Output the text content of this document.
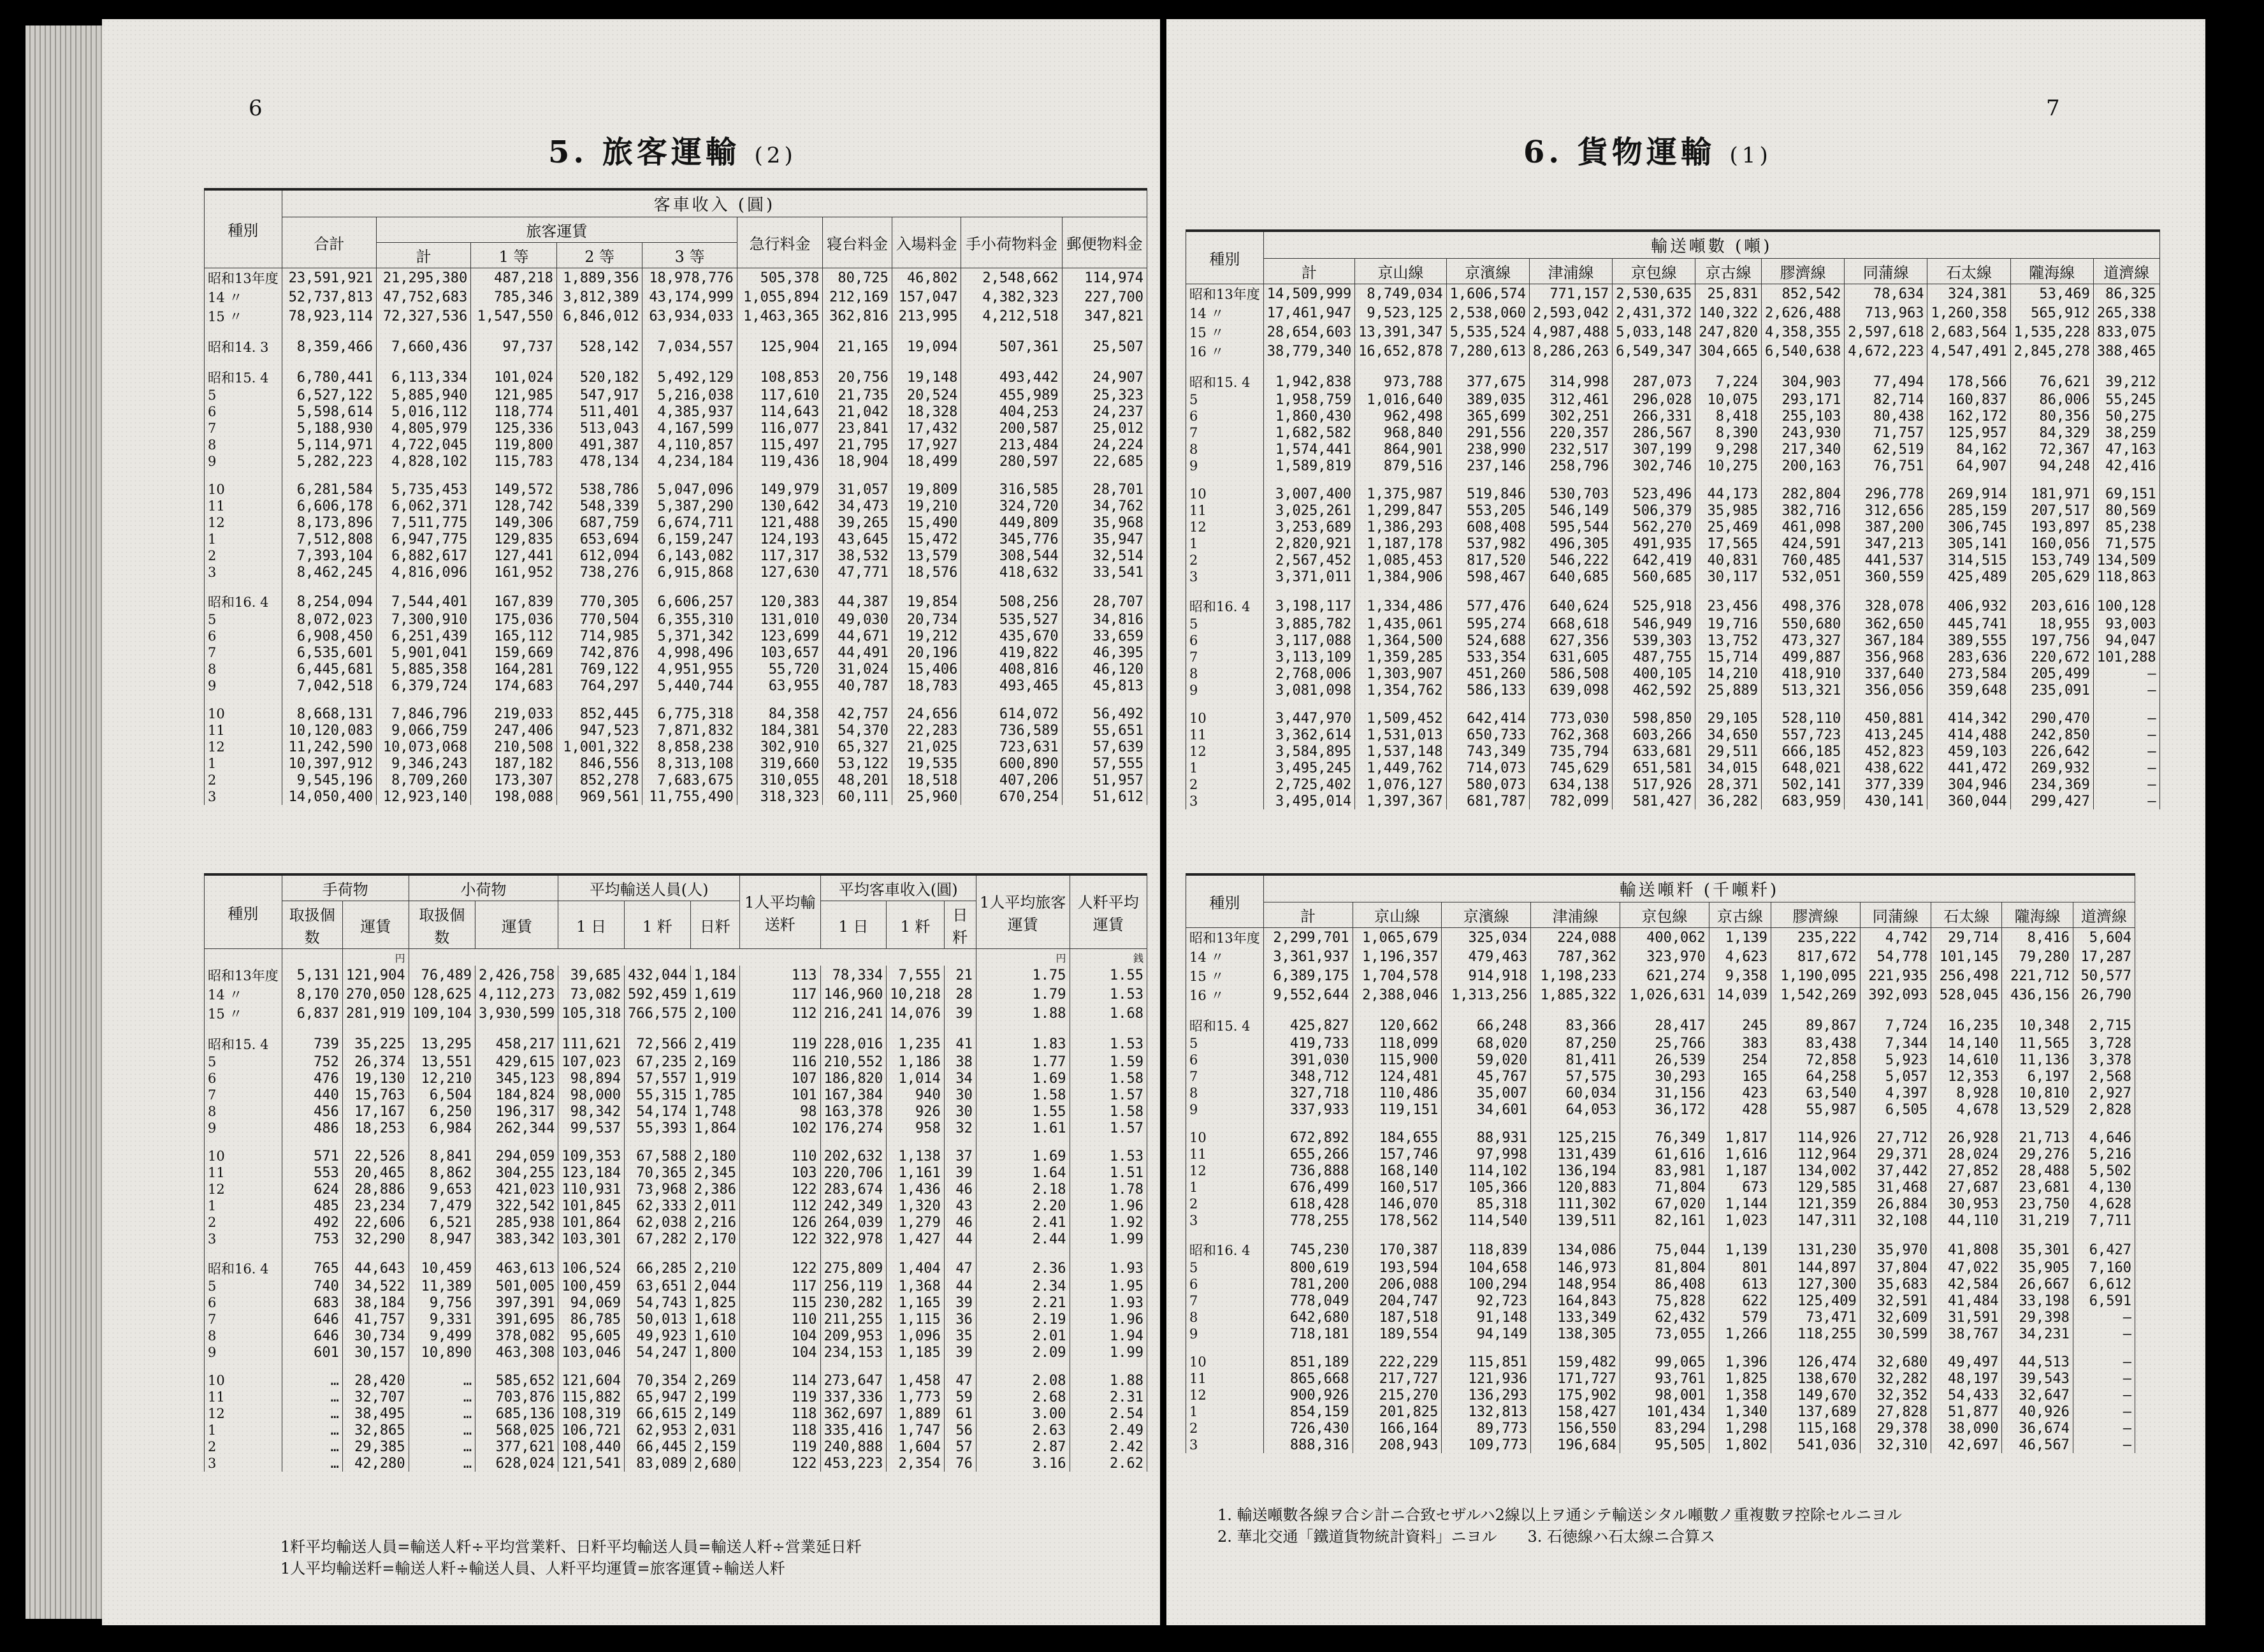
6
5. 旅客運輸 (2)
種別	客車收入 (圓)									
	合計	旅客運賃				急行料金	寝台料金	入場料金	手小荷物料金	郵便物料金
		計	1 等	2 等	3 等					
昭和13年度	23,591,921	21,295,380	487,218	1,889,356	18,978,776	505,378	80,725	46,802	2,548,662	114,974
14 〃	52,737,813	47,752,683	785,346	3,812,389	43,174,999	1,055,894	212,169	157,047	4,382,323	227,700
15 〃	78,923,114	72,327,536	1,547,550	6,846,012	63,934,033	1,463,365	362,816	213,995	4,212,518	347,821

昭和14. 3	8,359,466	7,660,436	97,737	528,142	7,034,557	125,904	21,165	19,094	507,361	25,507

昭和15. 4	6,780,441	6,113,334	101,024	520,182	5,492,129	108,853	20,756	19,148	493,442	24,907
5	6,527,122	5,885,940	121,985	547,917	5,216,038	117,610	21,735	20,524	455,989	25,323
6	5,598,614	5,016,112	118,774	511,401	4,385,937	114,643	21,042	18,328	404,253	24,237
7	5,188,930	4,805,979	125,336	513,043	4,167,599	116,077	23,841	17,432	200,587	25,012
8	5,114,971	4,722,045	119,800	491,387	4,110,857	115,497	21,795	17,927	213,484	24,224
9	5,282,223	4,828,102	115,783	478,134	4,234,184	119,436	18,904	18,499	280,597	22,685

10	6,281,584	5,735,453	149,572	538,786	5,047,096	149,979	31,057	19,809	316,585	28,701
11	6,606,178	6,062,371	128,742	548,339	5,387,290	130,642	34,473	19,210	324,720	34,762
12	8,173,896	7,511,775	149,306	687,759	6,674,711	121,488	39,265	15,490	449,809	35,968
1	7,512,808	6,947,775	129,835	653,694	6,159,247	124,193	43,645	15,472	345,776	35,947
2	7,393,104	6,882,617	127,441	612,094	6,143,082	117,317	38,532	13,579	308,544	32,514
3	8,462,245	4,816,096	161,952	738,276	6,915,868	127,630	47,771	18,576	418,632	33,541

昭和16. 4	8,254,094	7,544,401	167,839	770,305	6,606,257	120,383	44,387	19,854	508,256	28,707
5	8,072,023	7,300,910	175,036	770,504	6,355,310	131,010	49,030	20,734	535,527	34,816
6	6,908,450	6,251,439	165,112	714,985	5,371,342	123,699	44,671	19,212	435,670	33,659
7	6,535,601	5,901,041	159,669	742,876	4,998,496	103,657	44,491	20,196	419,822	46,395
8	6,445,681	5,885,358	164,281	769,122	4,951,955	55,720	31,024	15,406	408,816	46,120
9	7,042,518	6,379,724	174,683	764,297	5,440,744	63,955	40,787	18,783	493,465	45,813

10	8,668,131	7,846,796	219,033	852,445	6,775,318	84,358	42,757	24,656	614,072	56,492
11	10,120,083	9,066,759	247,406	947,523	7,871,832	184,381	54,370	22,283	736,589	55,651
12	11,242,590	10,073,068	210,508	1,001,322	8,858,238	302,910	65,327	21,025	723,631	57,639
1	10,397,912	9,346,243	187,182	846,556	8,313,108	319,660	53,122	19,535	600,890	57,555
2	9,545,196	8,709,260	173,307	852,278	7,683,675	310,055	48,201	18,518	407,206	51,957
3	14,050,400	12,923,140	198,088	969,561	11,755,490	318,323	60,111	25,960	670,254	51,612
種別	手荷物		小荷物		平均輸送人員(人)			1人平均輸送粁	平均客車收入(圓)			1人平均旅客運賃	人粁平均運賃
	取扱個数	運賃	取扱個数	運賃	1 日	1 粁	日粁		1 日	1 粁	日粁		
		円										円	銭
昭和13年度	5,131	121,904	76,489	2,426,758	39,685	432,044	1,184	113	78,334	7,555	21	1.75	1.55
14 〃	8,170	270,050	128,625	4,112,273	73,082	592,459	1,619	117	146,960	10,218	28	1.79	1.53
15 〃	6,837	281,919	109,104	3,930,599	105,318	766,575	2,100	112	216,241	14,076	39	1.88	1.68

昭和15. 4	739	35,225	13,295	458,217	111,621	72,566	2,419	119	228,016	1,235	41	1.83	1.53
5	752	26,374	13,551	429,615	107,023	67,235	2,169	116	210,552	1,186	38	1.77	1.59
6	476	19,130	12,210	345,123	98,894	57,557	1,919	107	186,820	1,014	34	1.69	1.58
7	440	15,763	6,504	184,824	98,000	55,315	1,785	101	167,384	940	30	1.58	1.57
8	456	17,167	6,250	196,317	98,342	54,174	1,748	98	163,378	926	30	1.55	1.58
9	486	18,253	6,984	262,344	99,537	55,393	1,864	102	176,274	958	32	1.61	1.57

10	571	22,526	8,841	294,059	109,353	67,588	2,180	110	202,632	1,138	37	1.69	1.53
11	553	20,465	8,862	304,255	123,184	70,365	2,345	103	220,706	1,161	39	1.64	1.51
12	624	28,886	9,653	421,023	110,931	73,968	2,386	122	283,674	1,436	46	2.18	1.78
1	485	23,234	7,479	322,542	101,845	62,333	2,011	112	242,349	1,320	43	2.20	1.96
2	492	22,606	6,521	285,938	101,864	62,038	2,216	126	264,039	1,279	46	2.41	1.92
3	753	32,290	8,947	383,342	103,301	67,282	2,170	122	322,978	1,427	44	2.44	1.99

昭和16. 4	765	44,643	10,459	463,613	106,524	66,285	2,210	122	275,809	1,404	47	2.36	1.93
5	740	34,522	11,389	501,005	100,459	63,651	2,044	117	256,119	1,368	44	2.34	1.95
6	683	38,184	9,756	397,391	94,069	54,743	1,825	115	230,282	1,165	39	2.21	1.93
7	646	41,757	9,331	391,695	86,785	50,013	1,618	110	211,255	1,115	36	2.19	1.96
8	646	30,734	9,499	378,082	95,605	49,923	1,610	104	209,953	1,096	35	2.01	1.94
9	601	30,157	10,890	463,308	103,046	54,247	1,800	104	234,153	1,185	39	2.09	1.99

10	…	28,420	…	585,652	121,604	70,354	2,269	114	273,647	1,458	47	2.08	1.88
11	…	32,707	…	703,876	115,882	65,947	2,199	119	337,336	1,773	59	2.68	2.31
12	…	38,495	…	685,136	108,319	66,615	2,149	118	362,697	1,889	61	3.00	2.54
1	…	32,865	…	568,025	106,721	62,953	2,031	118	335,416	1,747	56	2.63	2.49
2	…	29,385	…	377,621	108,440	66,445	2,159	119	240,888	1,604	57	2.87	2.42
3	…	42,280	…	628,024	121,541	83,089	2,680	122	453,223	2,354	76	3.16	2.62
1粁平均輸送人員=輸送人粁÷平均営業粁、日粁平均輸送人員=輸送人粁÷営業延日粁
1人平均輸送粁=輸送人粁÷輸送人員、人粁平均運賃=旅客運賃÷輸送人粁
7
6. 貨物運輸 (1)
種別	輸送噸數 (噸)										
	計	京山線	京濱線	津浦線	京包線	京古線	膠濟線	同蒲線	石太線	隴海線	道濟線
昭和13年度	14,509,999	8,749,034	1,606,574	771,157	2,530,635	25,831	852,542	78,634	324,381	53,469	86,325
14 〃	17,461,947	9,523,125	2,538,060	2,593,042	2,431,372	140,322	2,626,488	713,963	1,260,358	565,912	265,338
15 〃	28,654,603	13,391,347	5,535,524	4,987,488	5,033,148	247,820	4,358,355	2,597,618	2,683,564	1,535,228	833,075
16 〃	38,779,340	16,652,878	7,280,613	8,286,263	6,549,347	304,665	6,540,638	4,672,223	4,547,491	2,845,278	388,465

昭和15. 4	1,942,838	973,788	377,675	314,998	287,073	7,224	304,903	77,494	178,566	76,621	39,212
5	1,958,759	1,016,640	389,035	312,461	296,028	10,075	293,171	82,714	160,837	86,006	55,245
6	1,860,430	962,498	365,699	302,251	266,331	8,418	255,103	80,438	162,172	80,356	50,275
7	1,682,582	968,840	291,556	220,357	286,567	8,390	243,930	71,757	125,957	84,329	38,259
8	1,574,441	864,901	238,990	232,517	307,199	9,298	217,340	62,519	84,162	72,367	47,163
9	1,589,819	879,516	237,146	258,796	302,746	10,275	200,163	76,751	64,907	94,248	42,416

10	3,007,400	1,375,987	519,846	530,703	523,496	44,173	282,804	296,778	269,914	181,971	69,151
11	3,025,261	1,299,847	553,205	546,149	506,379	35,985	382,716	312,656	285,159	207,517	80,569
12	3,253,689	1,386,293	608,408	595,544	562,270	25,469	461,098	387,200	306,745	193,897	85,238
1	2,820,921	1,187,178	537,982	496,305	491,935	17,565	424,591	347,213	305,141	160,056	71,575
2	2,567,452	1,085,453	817,520	546,222	642,419	40,831	760,485	441,537	314,515	153,749	134,509
3	3,371,011	1,384,906	598,467	640,685	560,685	30,117	532,051	360,559	425,489	205,629	118,863

昭和16. 4	3,198,117	1,334,486	577,476	640,624	525,918	23,456	498,376	328,078	406,932	203,616	100,128
5	3,885,782	1,435,061	595,274	668,618	546,949	19,716	550,680	362,650	445,741	18,955	93,003
6	3,117,088	1,364,500	524,688	627,356	539,303	13,752	473,327	367,184	389,555	197,756	94,047
7	3,113,109	1,359,285	533,354	631,605	487,755	15,714	499,887	356,968	283,636	220,672	101,288
8	2,768,006	1,303,907	451,260	586,508	400,105	14,210	418,910	337,640	273,584	205,499	—
9	3,081,098	1,354,762	586,133	639,098	462,592	25,889	513,321	356,056	359,648	235,091	—

10	3,447,970	1,509,452	642,414	773,030	598,850	29,105	528,110	450,881	414,342	290,470	—
11	3,362,614	1,531,013	650,733	762,368	603,266	34,650	557,723	413,245	414,488	242,850	—
12	3,584,895	1,537,148	743,349	735,794	633,681	29,511	666,185	452,823	459,103	226,642	—
1	3,495,245	1,449,762	714,073	745,629	651,581	34,015	648,021	438,622	441,472	269,932	—
2	2,725,402	1,076,127	580,073	634,138	517,926	28,371	502,141	377,339	304,946	234,369	—
3	3,495,014	1,397,367	681,787	782,099	581,427	36,282	683,959	430,141	360,044	299,427	—
種別	輸送噸粁 (千噸粁)										
	計	京山線	京濱線	津浦線	京包線	京古線	膠濟線	同蒲線	石太線	隴海線	道濟線
昭和13年度	2,299,701	1,065,679	325,034	224,088	400,062	1,139	235,222	4,742	29,714	8,416	5,604
14 〃	3,361,937	1,196,357	479,463	787,362	323,970	4,623	817,672	54,778	101,145	79,280	17,287
15 〃	6,389,175	1,704,578	914,918	1,198,233	621,274	9,358	1,190,095	221,935	256,498	221,712	50,577
16 〃	9,552,644	2,388,046	1,313,256	1,885,322	1,026,631	14,039	1,542,269	392,093	528,045	436,156	26,790

昭和15. 4	425,827	120,662	66,248	83,366	28,417	245	89,867	7,724	16,235	10,348	2,715
5	419,733	118,099	68,020	87,250	25,766	383	83,438	7,344	14,140	11,565	3,728
6	391,030	115,900	59,020	81,411	26,539	254	72,858	5,923	14,610	11,136	3,378
7	348,712	124,481	45,767	57,575	30,293	165	64,258	5,057	12,353	6,197	2,568
8	327,718	110,486	35,007	60,034	31,156	423	63,540	4,397	8,928	10,810	2,927
9	337,933	119,151	34,601	64,053	36,172	428	55,987	6,505	4,678	13,529	2,828

10	672,892	184,655	88,931	125,215	76,349	1,817	114,926	27,712	26,928	21,713	4,646
11	655,266	157,746	97,998	131,439	61,616	1,616	112,964	29,371	28,024	29,276	5,216
12	736,888	168,140	114,102	136,194	83,981	1,187	134,002	37,442	27,852	28,488	5,502
1	676,499	160,517	105,366	120,883	71,804	673	129,585	31,468	27,687	23,681	4,130
2	618,428	146,070	85,318	111,302	67,020	1,144	121,359	26,884	30,953	23,750	4,628
3	778,255	178,562	114,540	139,511	82,161	1,023	147,311	32,108	44,110	31,219	7,711

昭和16. 4	745,230	170,387	118,839	134,086	75,044	1,139	131,230	35,970	41,808	35,301	6,427
5	800,619	193,594	104,658	146,973	81,804	801	144,897	37,804	47,022	35,905	7,160
6	781,200	206,088	100,294	148,954	86,408	613	127,300	35,683	42,584	26,667	6,612
7	778,049	204,747	92,723	164,843	75,828	622	125,409	32,591	41,484	33,198	6,591
8	642,680	187,518	91,148	133,349	62,432	579	73,471	32,609	31,591	29,398	—
9	718,181	189,554	94,149	138,305	73,055	1,266	118,255	30,599	38,767	34,231	—

10	851,189	222,229	115,851	159,482	99,065	1,396	126,474	32,680	49,497	44,513	—
11	865,668	217,727	121,936	171,727	93,761	1,825	138,670	32,282	48,197	39,543	—
12	900,926	215,270	136,293	175,902	98,001	1,358	149,670	32,352	54,433	32,647	—
1	854,159	201,825	132,813	158,427	101,434	1,340	137,689	27,828	51,877	40,926	—
2	726,430	166,164	89,773	156,550	83,294	1,298	115,168	29,378	38,090	36,674	—
3	888,316	208,943	109,773	196,684	95,505	1,802	541,036	32,310	42,697	46,567	—
1. 輸送噸數各線ヲ合シ計ニ合致セザルハ2線以上ヲ通シテ輸送シタル噸數ノ重複數ヲ控除セルニヨル
2. 華北交通「鐵道貨物統計資料」ニヨル　　3. 石徳線ハ石太線ニ合算ス
